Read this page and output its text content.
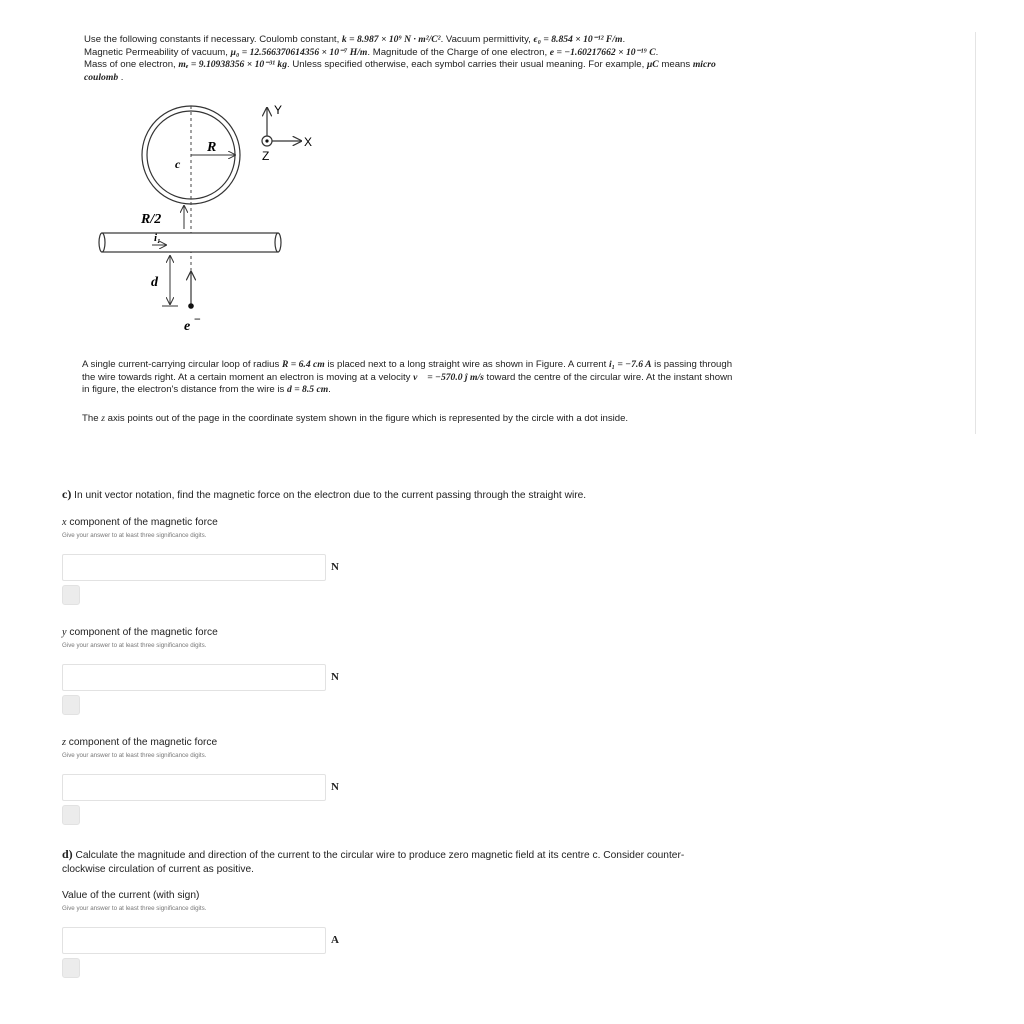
Use the following constants if necessary. Coulomb constant, k = 8.987 × 10⁹ N · m²/C². Vacuum permittivity, ϵ₀ = 8.854 × 10⁻¹² F/m.

Magnetic Permeability of vacuum, μ₀ = 12.566370614356 × 10⁻⁷ H/m. Magnitude of the Charge of one electron, e = −1.60217662 × 10⁻¹⁹ C.

Mass of one electron, mₑ = 9.10938356 × 10⁻³¹ kg. Unless specified otherwise, each symbol carries their usual meaning. For example, μC means micro coulomb .

R
c
R/2
i₁
d
e −
Y
X
Z

A single current-carrying circular loop of radius R = 6.4 cm is placed next to a long straight wire as shown in Figure. A current i₁ = −7.6 A is passing through the wire towards right. At a certain moment an electron is moving at a velocity v⃗ = −570.0 ĵ m/s toward the centre of the circular wire. At the instant shown in figure, the electron's distance from the wire is d = 8.5 cm.

The z axis points out of the page in the coordinate system shown in the figure which is represented by the circle with a dot inside.
c) In unit vector notation, find the magnetic force on the electron due to the current passing through the straight wire.
x component of the magnetic force
Give your answer to at least three significance digits.
N
y component of the magnetic force
Give your answer to at least three significance digits.
N
z component of the magnetic force
Give your answer to at least three significance digits.
N
d) Calculate the magnitude and direction of the current to the circular wire to produce zero magnetic field at its centre c. Consider counter-clockwise circulation of current as positive.
Value of the current (with sign)
Give your answer to at least three significance digits.
A
